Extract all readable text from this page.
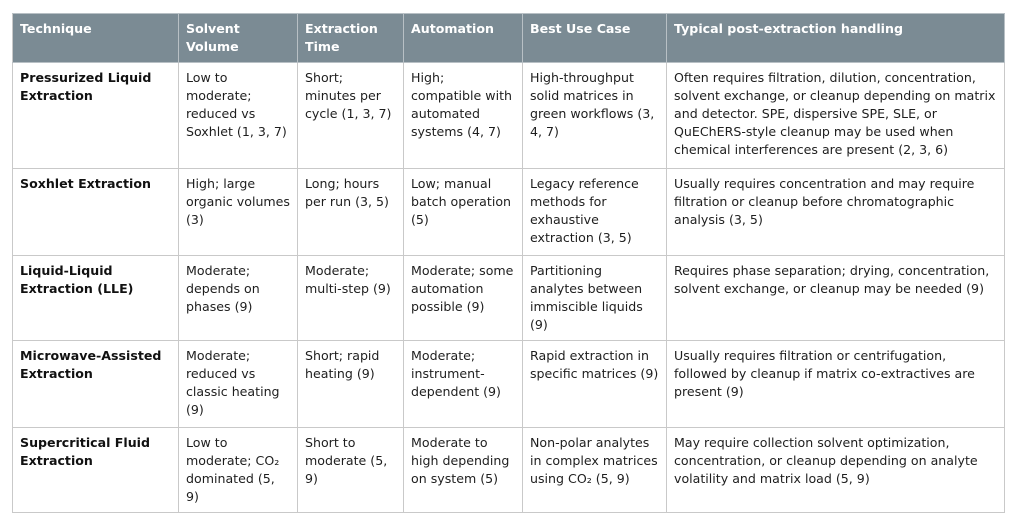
Technique	Solvent Volume	Extraction Time	Automation	Best Use Case	Typical post-extraction handling
Pressurized Liquid Extraction	Low to moderate; reduced vs Soxhlet (1, 3, 7)	Short; minutes per cycle (1, 3, 7)	High; compatible with automated systems (4, 7)	High-throughput solid matrices in green workflows (3, 4, 7)	Often requires filtration, dilution, concentration, solvent exchange, or cleanup depending on matrix and detector. SPE, dispersive SPE, SLE, or QuEChERS-style cleanup may be used when chemical interferences are present (2, 3, 6)
Soxhlet Extraction	High; large organic volumes (3)	Long; hours per run (3, 5)	Low; manual batch operation (5)	Legacy reference methods for exhaustive extraction (3, 5)	Usually requires concentration and may require filtration or cleanup before chromatographic analysis (3, 5)
Liquid-Liquid Extraction (LLE)	Moderate; depends on phases (9)	Moderate; multi-step (9)	Moderate; some automation possible (9)	Partitioning analytes between immiscible liquids (9)	Requires phase separation; drying, concentration, solvent exchange, or cleanup may be needed (9)
Microwave-Assisted Extraction	Moderate; reduced vs classic heating (9)	Short; rapid heating (9)	Moderate; instrument-dependent (9)	Rapid extraction in specific matrices (9)	Usually requires filtration or centrifugation, followed by cleanup if matrix co-extractives are present (9)
Supercritical Fluid Extraction	Low to moderate; CO₂ dominated (5, 9)	Short to moderate (5, 9)	Moderate to high depending on system (5)	Non-polar analytes in complex matrices using CO₂ (5, 9)	May require collection solvent optimization, concentration, or cleanup depending on analyte volatility and matrix load (5, 9)
